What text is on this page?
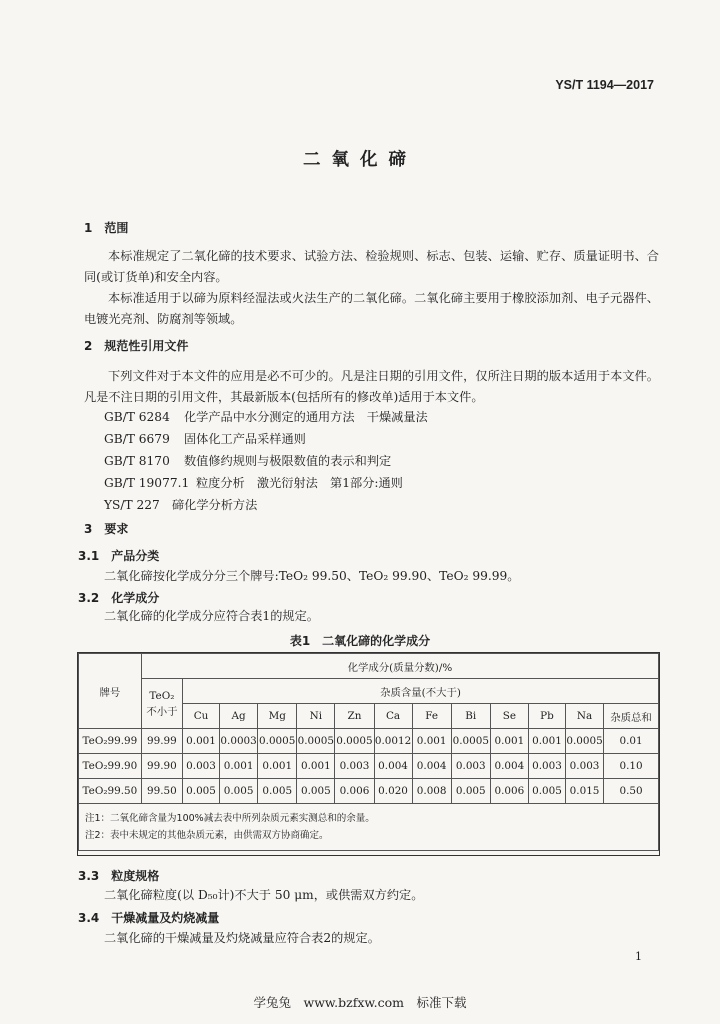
YS/T 1194—2017
二氧化碲
1　 范围
本标准规定了二氧化碲的技术要求、试验方法、检验规则、标志、包装、运输、贮存、质量证明书、合同(或订货单)和安全内容。
本标准适用于以碲为原料经湿法或火法生产的二氧化碲。二氧化碲主要用于橡胶添加剂、电子元器件、电镀光亮剂、防腐剂等领域。
2　 规范性引用文件
下列文件对于本文件的应用是必不可少的。凡是注日期的引用文件，仅所注日期的版本适用于本文件。凡是不注日期的引用文件，其最新版本(包括所有的修改单)适用于本文件。
GB/T 6284 化学产品中水分测定的通用方法　干燥减量法
GB/T 6679 固体化工产品采样通则
GB/T 8170 数值修约规则与极限数值的表示和判定
GB/T 19077.1 粒度分析　激光衍射法　第1部分:通则
YS/T 227 碲化学分析方法
3　 要求
3.1　 产品分类
二氧化碲按化学成分分三个牌号:TeO₂ 99.50、TeO₂ 99.90、TeO₂ 99.99。
3.2　 化学成分
二氧化碲的化学成分应符合表1的规定。
表1　二氧化碲的化学成分
牌号	化学成分(质量分数)/%												

	TeO₂
不小于	杂质含量(不大于)											
		Cu	Ag	Mg	Ni	Zn	Ca	Fe	Bi	Se	Pb	Na	杂质总和
TeO₂99.99	99.99	0.001	0.0003	0.0005	0.0005	0.0005	0.0012	0.001	0.0005	0.001	0.001	0.0005	0.01
TeO₂99.90	99.90	0.003	0.001	0.001	0.001	0.003	0.004	0.004	0.003	0.004	0.003	0.003	0.10
TeO₂99.50	99.50	0.005	0.005	0.005	0.005	0.006	0.020	0.008	0.005	0.006	0.005	0.015	0.50

注1：二氧化碲含量为100%减去表中所列杂质元素实测总和的余量。
注2：表中未规定的其他杂质元素，由供需双方协商确定。													
3.3　 粒度规格
二氧化碲粒度(以 D₅₀计)不大于 50 μm，或供需双方约定。
3.4　 干燥减量及灼烧减量
二氧化碲的干燥减量及灼烧减量应符合表2的规定。
1
学兔兔　www.bzfxw.com　标准下载
